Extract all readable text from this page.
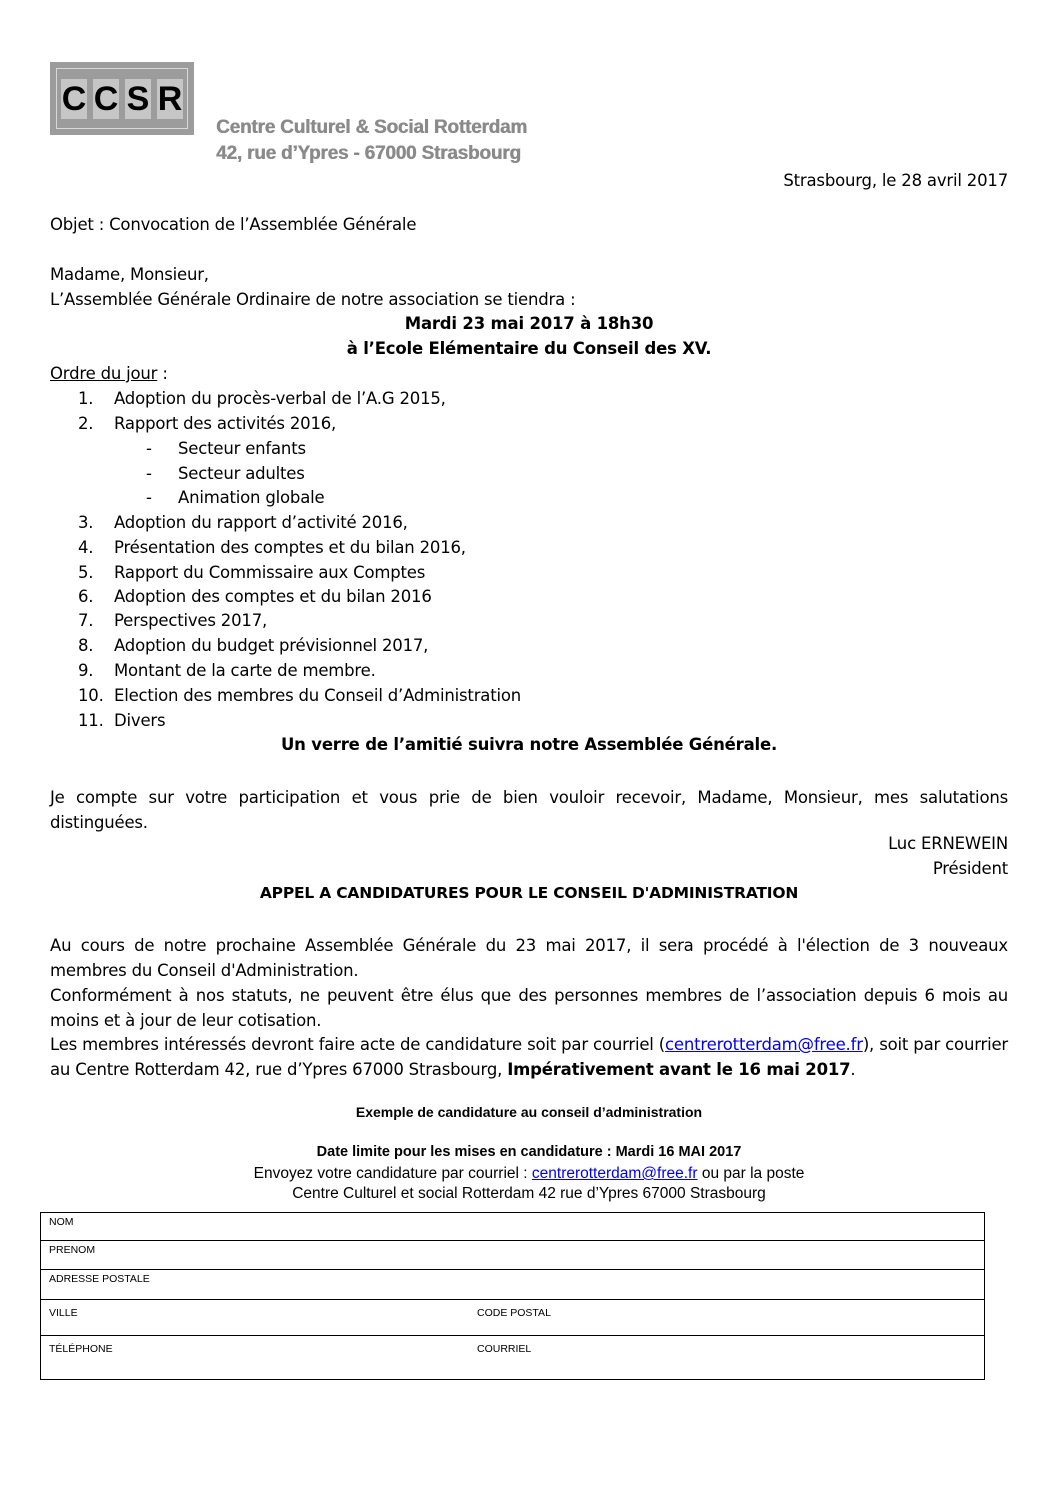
C C S R
Centre Culturel & Social Rotterdam
42, rue d’Ypres - 67000 Strasbourg
Strasbourg, le 28 avril 2017
Objet : Convocation de l’Assemblée Générale
Madame, Monsieur,
L’Assemblée Générale Ordinaire de notre association se tiendra :
Mardi 23 mai 2017 à 18h30
à l’Ecole Elémentaire du Conseil des XV.
Ordre du jour :
1. Adoption du procès-verbal de l’A.G 2015,
2. Rapport des activités 2016,
- Secteur enfants
- Secteur adultes
- Animation globale
3. Adoption du rapport d’activité 2016,
4. Présentation des comptes et du bilan 2016,
5. Rapport du Commissaire aux Comptes
6. Adoption des comptes et du bilan 2016
7. Perspectives 2017,
8. Adoption du budget prévisionnel 2017,
9. Montant de la carte de membre.
10. Election des membres du Conseil d’Administration
11. Divers
Un verre de l’amitié suivra notre Assemblée Générale.
Je compte sur votre participation et vous prie de bien vouloir recevoir, Madame, Monsieur, mes salutations distinguées.
Luc ERNEWEIN
Président
APPEL A CANDIDATURES POUR LE CONSEIL D'ADMINISTRATION
Au cours de notre prochaine Assemblée Générale du 23 mai 2017, il sera procédé à l'élection de 3 nouveaux membres du Conseil d'Administration.
Conformément à nos statuts, ne peuvent être élus que des personnes membres de l’association depuis 6 mois au moins et à jour de leur cotisation.
Les membres intéressés devront faire acte de candidature soit par courriel (centrerotterdam@free.fr), soit par courrier au Centre Rotterdam 42, rue d’Ypres 67000 Strasbourg, Impérativement avant le 16 mai 2017.
Exemple de candidature au conseil d’administration
Date limite pour les mises en candidature : Mardi 16 MAI 2017
Envoyez votre candidature par courriel : centrerotterdam@free.fr ou par la poste
Centre Culturel et social Rotterdam 42 rue d’Ypres 67000 Strasbourg
NOM
PRENOM
ADRESSE POSTALE
VILLE	CODE POSTAL
TÉLÉPHONE	COURRIEL
